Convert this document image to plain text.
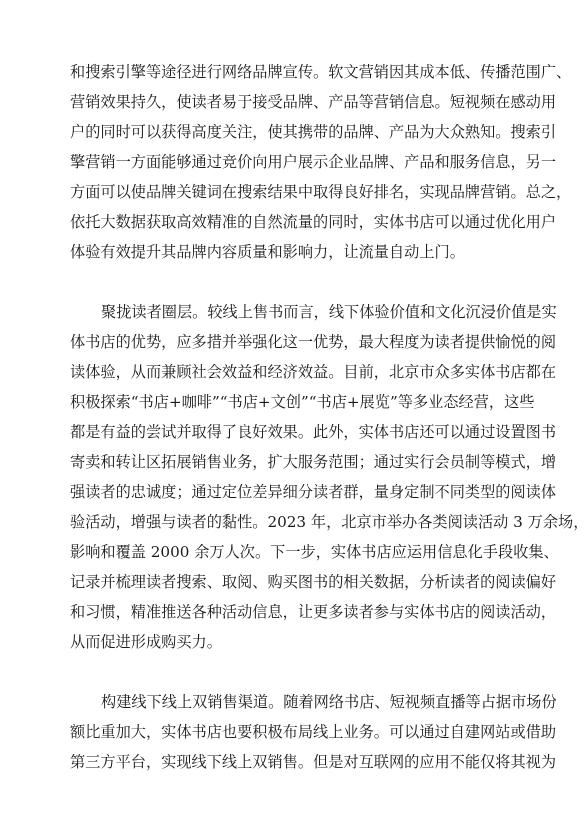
和搜索引擎等途径进行网络品牌宣传。软文营销因其成本低、传播范围广、
营销效果持久，使读者易于接受品牌、产品等营销信息。短视频在感动用
户的同时可以获得高度关注，使其携带的品牌、产品为大众熟知。搜索引
擎营销一方面能够通过竞价向用户展示企业品牌、产品和服务信息，另一
方面可以使品牌关键词在搜索结果中取得良好排名，实现品牌营销。总之，
依托大数据获取高效精准的自然流量的同时，实体书店可以通过优化用户
体验有效提升其品牌内容质量和影响力，让流量自动上门。
聚拢读者圈层。较线上售书而言，线下体验价值和文化沉浸价值是实
体书店的优势，应多措并举强化这一优势，最大程度为读者提供愉悦的阅
读体验，从而兼顾社会效益和经济效益。目前，北京市众多实体书店都在
积极探索“书店+咖啡”“书店+文创”“书店+展览”等多业态经营，这些
都是有益的尝试并取得了良好效果。此外，实体书店还可以通过设置图书
寄卖和转让区拓展销售业务，扩大服务范围；通过实行会员制等模式，增
强读者的忠诚度；通过定位差异细分读者群，量身定制不同类型的阅读体
验活动，增强与读者的黏性。2023 年，北京市举办各类阅读活动 3 万余场，
影响和覆盖 2000 余万人次。下一步，实体书店应运用信息化手段收集、
记录并梳理读者搜索、取阅、购买图书的相关数据，分析读者的阅读偏好
和习惯，精准推送各种活动信息，让更多读者参与实体书店的阅读活动，
从而促进形成购买力。
构建线下线上双销售渠道。随着网络书店、短视频直播等占据市场份
额比重加大，实体书店也要积极布局线上业务。可以通过自建网站或借助
第三方平台，实现线下线上双销售。但是对互联网的应用不能仅将其视为
